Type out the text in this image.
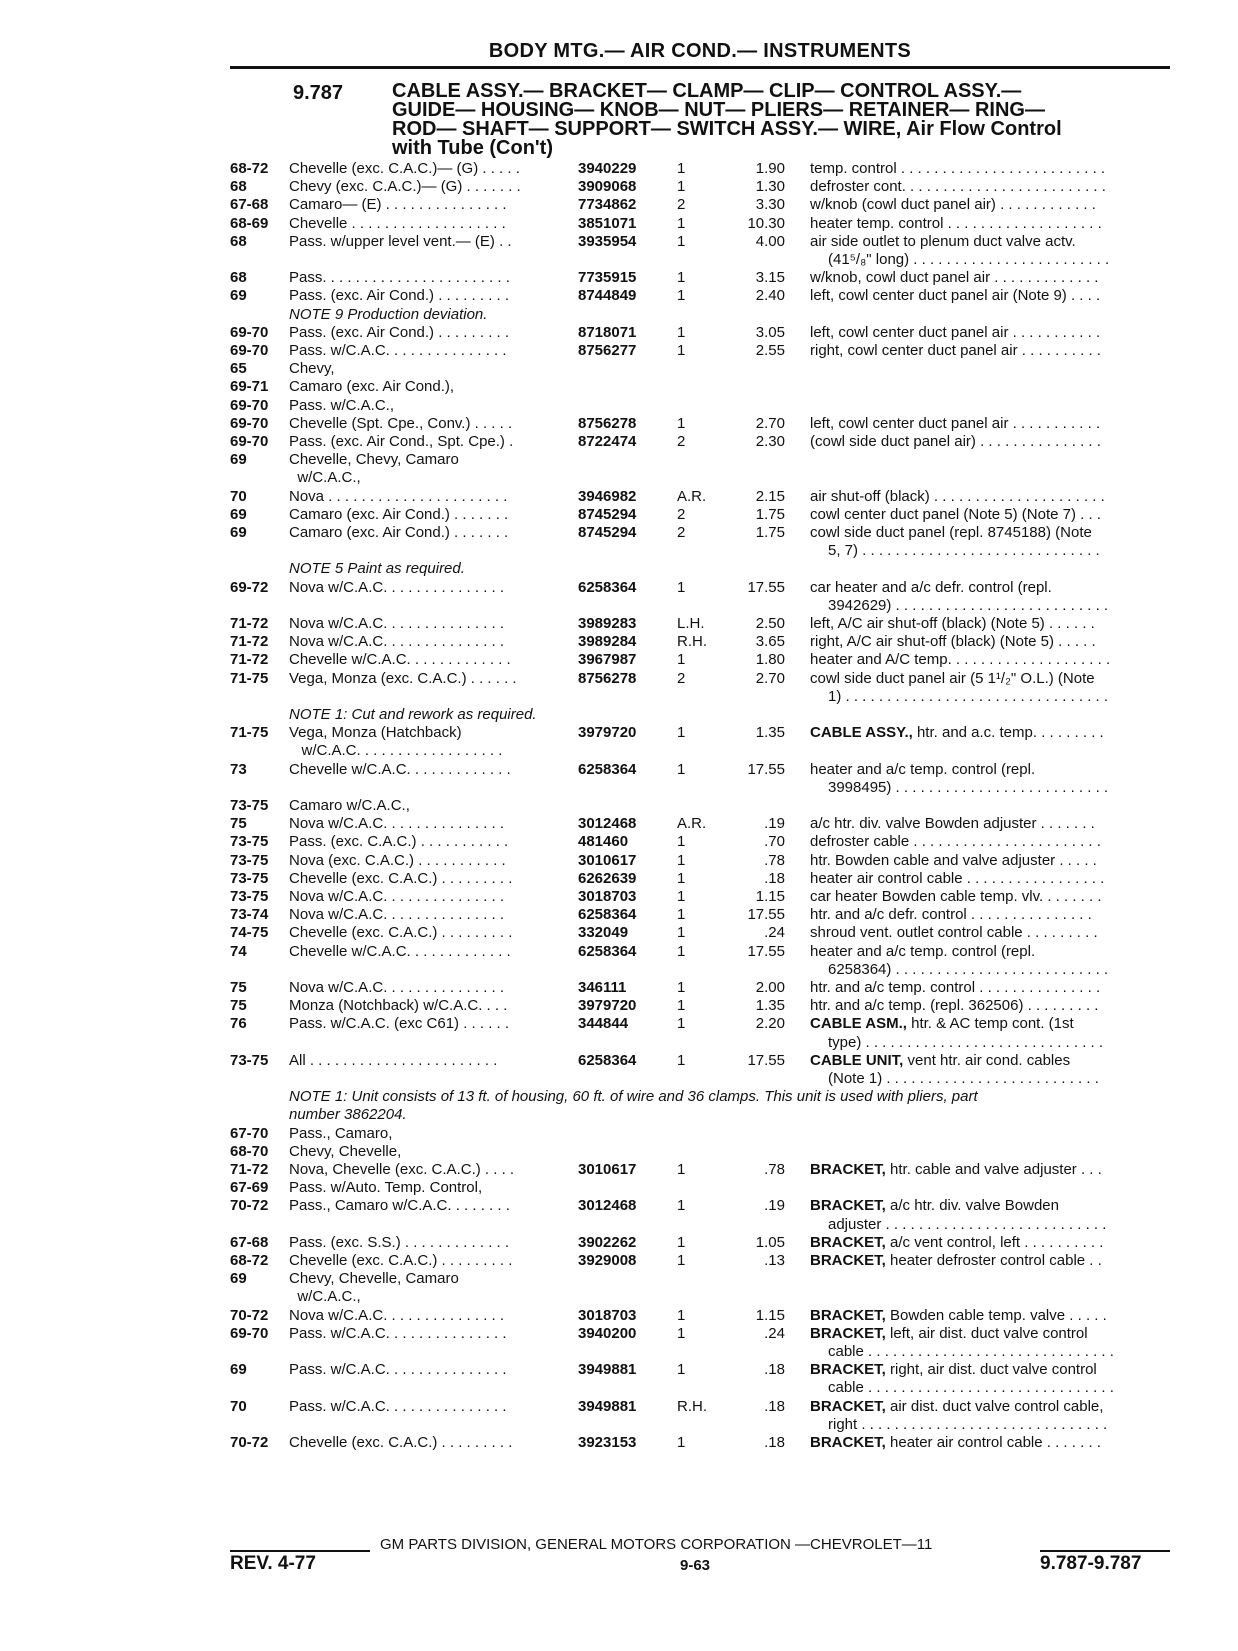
BODY MTG.— AIR COND.— INSTRUMENTS
9.787 CABLE ASSY.— BRACKET— CLAMP— CLIP— CONTROL ASSY.—
GUIDE— HOUSING— KNOB— NUT— PLIERS— RETAINER— RING—
ROD— SHAFT— SUPPORT— SWITCH ASSY.— WIRE, Air Flow Control
with Tube (Con't)
68-72 Chevelle (exc. C.A.C.)— (G) . . . . .	3940229	1	1.90 temp. control . . . . . . . . . . . . . . . . . . . . . . . . .
68	Chevy (exc. C.A.C.)— (G) . . . . . . .	3909068	1	1.30 defroster cont. . . . . . . . . . . . . . . . . . . . . . . . .
67-68 Camaro— (E) . . . . . . . . . . . . . . .	7734862	2	3.30 w/knob (cowl duct panel air) . . . . . . . . . . . .
68-69 Chevelle . . . . . . . . . . . . . . . . . . .	3851071	1	10.30 heater temp. control . . . . . . . . . . . . . . . . . . .
68	Pass. w/upper level vent.— (E) . .	3935954	1	4.00 air side outlet to plenum duct valve actv.
(41⁵/₈" long) . . . . . . . . . . . . . . . . . . . . . . . .
68	Pass. . . . . . . . . . . . . . . . . . . . . . .	7735915	1	3.15 w/knob, cowl duct panel air . . . . . . . . . . . . .
69	Pass. (exc. Air Cond.) . . . . . . . . .	8744849	1	2.40 left, cowl center duct panel air (Note 9) . . . .
NOTE 9 Production deviation.
69-70 Pass. (exc. Air Cond.) . . . . . . . . .	8718071	1	3.05 left, cowl center duct panel air . . . . . . . . . . .
69-70 Pass. w/C.A.C. . . . . . . . . . . . . . .	8756277	1	2.55 right, cowl center duct panel air . . . . . . . . . .
65	Chevy,
69-71 Camaro (exc. Air Cond.),
69-70 Pass. w/C.A.C.,
69-70 Chevelle (Spt. Cpe., Conv.) . . . . .	8756278	1	2.70 left, cowl center duct panel air . . . . . . . . . . .
69-70 Pass. (exc. Air Cond., Spt. Cpe.) .	8722474	2	2.30 (cowl side duct panel air) . . . . . . . . . . . . . . .
69	Chevelle, Chevy, Camaro
w/C.A.C.,
70	Nova . . . . . . . . . . . . . . . . . . . . . .	3946982	A.R.	2.15 air shut-off (black) . . . . . . . . . . . . . . . . . . . . .
69	Camaro (exc. Air Cond.) . . . . . . .	8745294	2	1.75 cowl center duct panel (Note 5) (Note 7) . . .
69	Camaro (exc. Air Cond.) . . . . . . .	8745294	2	1.75 cowl side duct panel (repl. 8745188) (Note
5, 7) . . . . . . . . . . . . . . . . . . . . . . . . . . . . .
NOTE 5 Paint as required.
69-72 Nova w/C.A.C. . . . . . . . . . . . . . .	6258364	1	17.55 car heater and a/c defr. control (repl.
3942629) . . . . . . . . . . . . . . . . . . . . . . . . . .
71-72 Nova w/C.A.C. . . . . . . . . . . . . . .	3989283	L.H.	2.50 left, A/C air shut-off (black) (Note 5) . . . . . .
71-72 Nova w/C.A.C. . . . . . . . . . . . . . .	3989284	R.H.	3.65 right, A/C air shut-off (black) (Note 5) . . . . .
71-72 Chevelle w/C.A.C. . . . . . . . . . . . .	3967987	1	1.80 heater and A/C temp. . . . . . . . . . . . . . . . . . . .
71-75 Vega, Monza (exc. C.A.C.) . . . . . .	8756278	2	2.70 cowl side duct panel air (5 1¹/₂" O.L.) (Note
1) . . . . . . . . . . . . . . . . . . . . . . . . . . . . . . . .
NOTE 1: Cut and rework as required.
71-75 Vega, Monza (Hatchback)	3979720	1	1.35 CABLE ASSY., htr. and a.c. temp. . . . . . . . .
w/C.A.C. . . . . . . . . . . . . . . . . .
73	Chevelle w/C.A.C. . . . . . . . . . . . .	6258364	1	17.55 heater and a/c temp. control (repl.
3998495) . . . . . . . . . . . . . . . . . . . . . . . . . .
73-75 Camaro w/C.A.C.,
75	Nova w/C.A.C. . . . . . . . . . . . . . .	3012468	A.R.	.19 a/c htr. div. valve Bowden adjuster . . . . . . .
73-75 Pass. (exc. C.A.C.) . . . . . . . . . . .	481460	1	.70 defroster cable . . . . . . . . . . . . . . . . . . . . . . .
73-75 Nova (exc. C.A.C.) . . . . . . . . . . .	3010617	1	.78 htr. Bowden cable and valve adjuster . . . . .
73-75 Chevelle (exc. C.A.C.) . . . . . . . . .	6262639	1	.18 heater air control cable . . . . . . . . . . . . . . . . .
73-75 Nova w/C.A.C. . . . . . . . . . . . . . .	3018703	1	1.15 car heater Bowden cable temp. vlv. . . . . . . .
73-74 Nova w/C.A.C. . . . . . . . . . . . . . .	6258364	1	17.55 htr. and a/c defr. control . . . . . . . . . . . . . . .
74-75 Chevelle (exc. C.A.C.) . . . . . . . . .	332049	1	.24 shroud vent. outlet control cable . . . . . . . . .
74	Chevelle w/C.A.C. . . . . . . . . . . . .	6258364	1	17.55 heater and a/c temp. control (repl.
6258364) . . . . . . . . . . . . . . . . . . . . . . . . . .
75	Nova w/C.A.C. . . . . . . . . . . . . . .	346111	1	2.00 htr. and a/c temp. control . . . . . . . . . . . . . . .
75	Monza (Notchback) w/C.A.C. . . .	3979720	1	1.35 htr. and a/c temp. (repl. 362506) . . . . . . . . .
76	Pass. w/C.A.C. (exc C61) . . . . . .	344844	1	2.20 CABLE ASM., htr. & AC temp cont. (1st
type) . . . . . . . . . . . . . . . . . . . . . . . . . . . . .
73-75 All . . . . . . . . . . . . . . . . . . . . . . .	6258364	1	17.55 CABLE UNIT, vent htr. air cond. cables
(Note 1) . . . . . . . . . . . . . . . . . . . . . . . . . .
NOTE 1: Unit consists of 13 ft. of housing, 60 ft. of wire and 36 clamps. This unit is used with pliers, part
number 3862204.
67-70 Pass., Camaro,
68-70 Chevy, Chevelle,
71-72 Nova, Chevelle (exc. C.A.C.) . . . .	3010617	1	.78 BRACKET, htr. cable and valve adjuster . . .
67-69 Pass. w/Auto. Temp. Control,
70-72 Pass., Camaro w/C.A.C. . . . . . . .	3012468	1	.19 BRACKET, a/c htr. div. valve Bowden
adjuster . . . . . . . . . . . . . . . . . . . . . . . . . . .
67-68 Pass. (exc. S.S.) . . . . . . . . . . . . .	3902262	1	1.05 BRACKET, a/c vent control, left . . . . . . . . . .
68-72 Chevelle (exc. C.A.C.) . . . . . . . . .	3929008	1	.13 BRACKET, heater defroster control cable . .
69	Chevy, Chevelle, Camaro
w/C.A.C.,
70-72 Nova w/C.A.C. . . . . . . . . . . . . . .	3018703	1	1.15 BRACKET, Bowden cable temp. valve . . . . .
69-70 Pass. w/C.A.C. . . . . . . . . . . . . . .	3940200	1	.24 BRACKET, left, air dist. duct valve control
cable . . . . . . . . . . . . . . . . . . . . . . . . . . . . . .
69	Pass. w/C.A.C. . . . . . . . . . . . . . .	3949881	1	.18 BRACKET, right, air dist. duct valve control
cable . . . . . . . . . . . . . . . . . . . . . . . . . . . . . .
70	Pass. w/C.A.C. . . . . . . . . . . . . . .	3949881	R.H.	.18 BRACKET, air dist. duct valve control cable,
right . . . . . . . . . . . . . . . . . . . . . . . . . . . . . .
70-72 Chevelle (exc. C.A.C.) . . . . . . . . .	3923153	1	.18 BRACKET, heater air control cable . . . . . . .
GM PARTS DIVISION, GENERAL MOTORS CORPORATION —CHEVROLET—11
REV. 4-77	9-63	9.787-9.787
